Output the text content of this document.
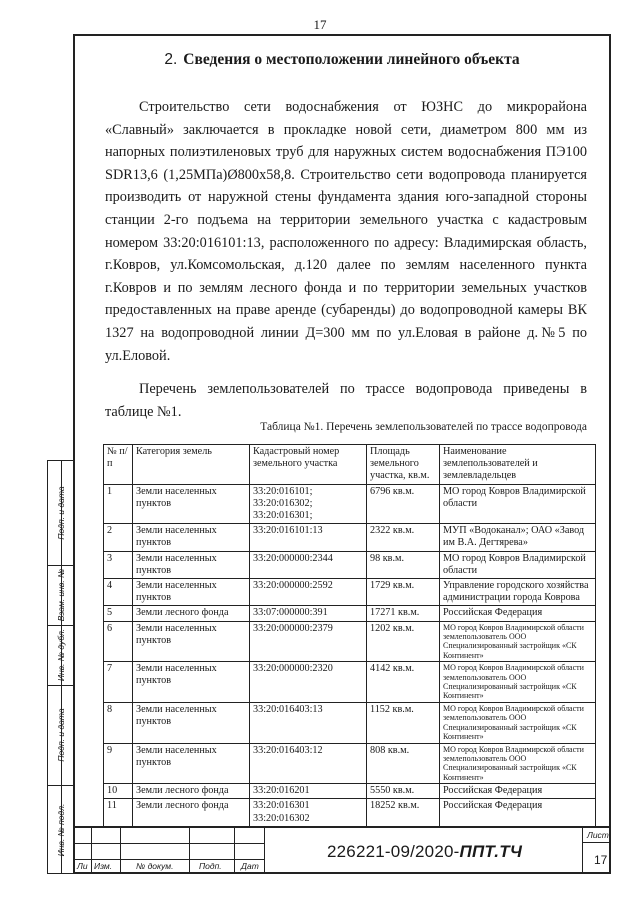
17
2. Сведения о местоположении линейного объекта

Строительство сети водоснабжения от ЮЗНС до микрорайона «Славный» заключается в прокладке новой сети, диаметром 800 мм из напорных полиэтиленовых труб для наружных систем водоснабжения ПЭ100 SDR13,6 (1,25МПа)Ø800х58,8. Строительство сети водопровода планируется производить от наружной стены фундамента здания юго-западной стороны станции 2-го подъема на территории земельного участка с кадастровым номером 33:20:016101:13, расположенного по адресу: Владимирская область, г.Ковров, ул.Комсомольская, д.120 далее по землям населенного пункта г.Ковров и по землям лесного фонда и по территории земельных участков предоставленных на праве аренде (субаренды) до водопроводной камеры ВК 1327 на водопроводной линии Д=300 мм по ул.Еловая в районе д.№5 по ул.Еловой.

Перечень землепользователей по трассе водопровода приведены в таблице №1.

Таблица №1. Перечень землепользователей по трассе водопровода
№ п/п	Категория земель	Кадастровый номер земельного участка	Площадь земельного участка, кв.м.	Наименование землепользователей и землевладельцев
1	Земли населенных пунктов	33:20:016101; 33:20:016302; 33:20:016301;	6796 кв.м.	МО город Ковров Владимирской области
2	Земли населенных пунктов	33:20:016101:13	2322 кв.м.	МУП «Водоканал»; ОАО «Завод им В.А. Дегтярева»
3	Земли населенных пунктов	33:20:000000:2344	98 кв.м.	МО город Ковров Владимирской области
4	Земли населенных пунктов	33:20:000000:2592	1729 кв.м.	Управление городского хозяйства администрации города Коврова
5	Земли лесного фонда	33:07:000000:391	17271 кв.м.	Российская Федерация
6	Земли населенных пунктов	33:20:000000:2379	1202 кв.м.	МО город Ковров Владимирской области землепользователь ООО Специализированный застройщик «СК Континент»
7	Земли населенных пунктов	33:20:000000:2320	4142 кв.м.	МО город Ковров Владимирской области землепользователь ООО Специализированный застройщик «СК Континент»
8	Земли населенных пунктов	33:20:016403:13	1152 кв.м.	МО город Ковров Владимирской области землепользователь ООО Специализированный застройщик «СК Континент»
9	Земли населенных пунктов	33:20:016403:12	808 кв.м.	МО город Ковров Владимирской области землепользователь ООО Специализированный застройщик «СК Континент»
10	Земли лесного фонда	33:20:016201	5550 кв.м.	Российская Федерация
11	Земли лесного фонда	33:20:016301 33:20:016302	18252 кв.м.	Российская Федерация
Подп. и дата
Взам. инв. №
Инв. № дубл.
Подп. и дата
Инв. № подл.
Ли Изм.	№ докум.	Подп. Дат
226221-09/2020-ППТ.ТЧ
Лист
17
